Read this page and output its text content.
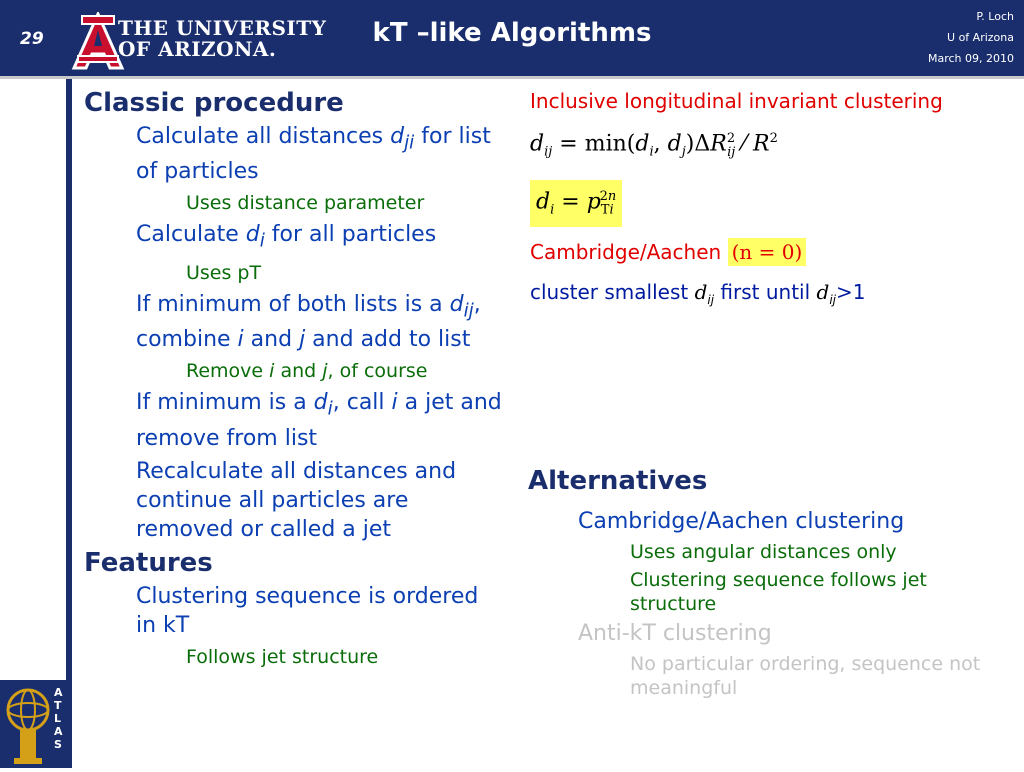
29	THE UNIVERSITY
OF ARIZONA.
kT –like Algorithms
P. Loch
U of Arizona
March 09, 2010
ATLAS
Classic procedure
Calculate all distances $d_{ji}$ for list of particles
Uses distance parameter
Calculate $d_i$ for all particles
Uses pT
If minimum of both lists is a $d_{ij}$, combine i and j and add to list
Remove i and j, of course
If minimum is a $d_i$, call i a jet and remove from list
Recalculate all distances and continue all particles are removed or called a jet
Features
Clustering sequence is ordered in kT
Follows jet structure
Inclusive longitudinal invariant clustering
$d_{ij} = \min(d_i$, $d_j)\Delta R^2_{ij}$ ⁄ $R^2$
$d_i = p_{Ti}^{2n}$
Cambridge/Aachen (n = 0)
cluster smallest $d_{ij}$ first until $d_{ij}>1$
Alternatives
Cambridge/Aachen clustering
Uses angular distances only
Clustering sequence follows jet structure
Anti-kT clustering
No particular ordering, sequence not meaningful
